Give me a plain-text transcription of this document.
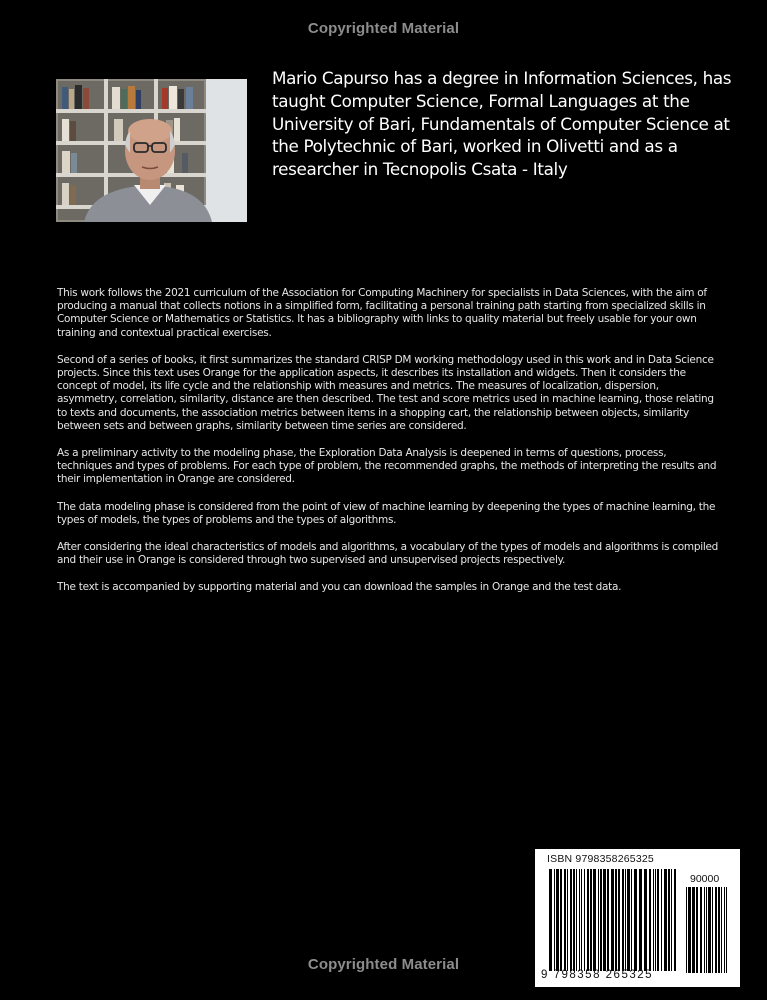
Copyrighted Material
Mario Capurso has a degree in Information Sciences, has taught Computer Science, Formal Languages at the University of Bari, Fundamentals of Computer Science at the Polytechnic of Bari, worked in Olivetti and as a researcher in Tecnopolis Csata - Italy

This work follows the 2021 curriculum of the Association for Computing Machinery for specialists in Data Sciences, with the aim of producing a manual that collects notions in a simplified form, facilitating a personal training path starting from specialized skills in Computer Science or Mathematics or Statistics. It has a bibliography with links to quality material but freely usable for your own training and contextual practical exercises.

Second of a series of books, it first summarizes the standard CRISP DM working methodology used in this work and in Data Science projects. Since this text uses Orange for the application aspects, it describes its installation and widgets. Then it considers the concept of model, its life cycle and the relationship with measures and metrics. The measures of localization, dispersion, asymmetry, correlation, similarity, distance are then described. The test and score metrics used in machine learning, those relating to texts and documents, the association metrics between items in a shopping cart, the relationship between objects, similarity between sets and between graphs, similarity between time series are considered.

As a preliminary activity to the modeling phase, the Exploration Data Analysis is deepened in terms of questions, process, techniques and types of problems. For each type of problem, the recommended graphs, the methods of interpreting the results and their implementation in Orange are considered.

The data modeling phase is considered from the point of view of machine learning by deepening the types of machine learning, the types of models, the types of problems and the types of algorithms.

After considering the ideal characteristics of models and algorithms, a vocabulary of the types of models and algorithms is compiled and their use in Orange is considered through two supervised and unsupervised projects respectively.

The text is accompanied by supporting material and you can download the samples in Orange and the test data.

ISBN 9798358265325
90000
9 798358 265325
Copyrighted Material
